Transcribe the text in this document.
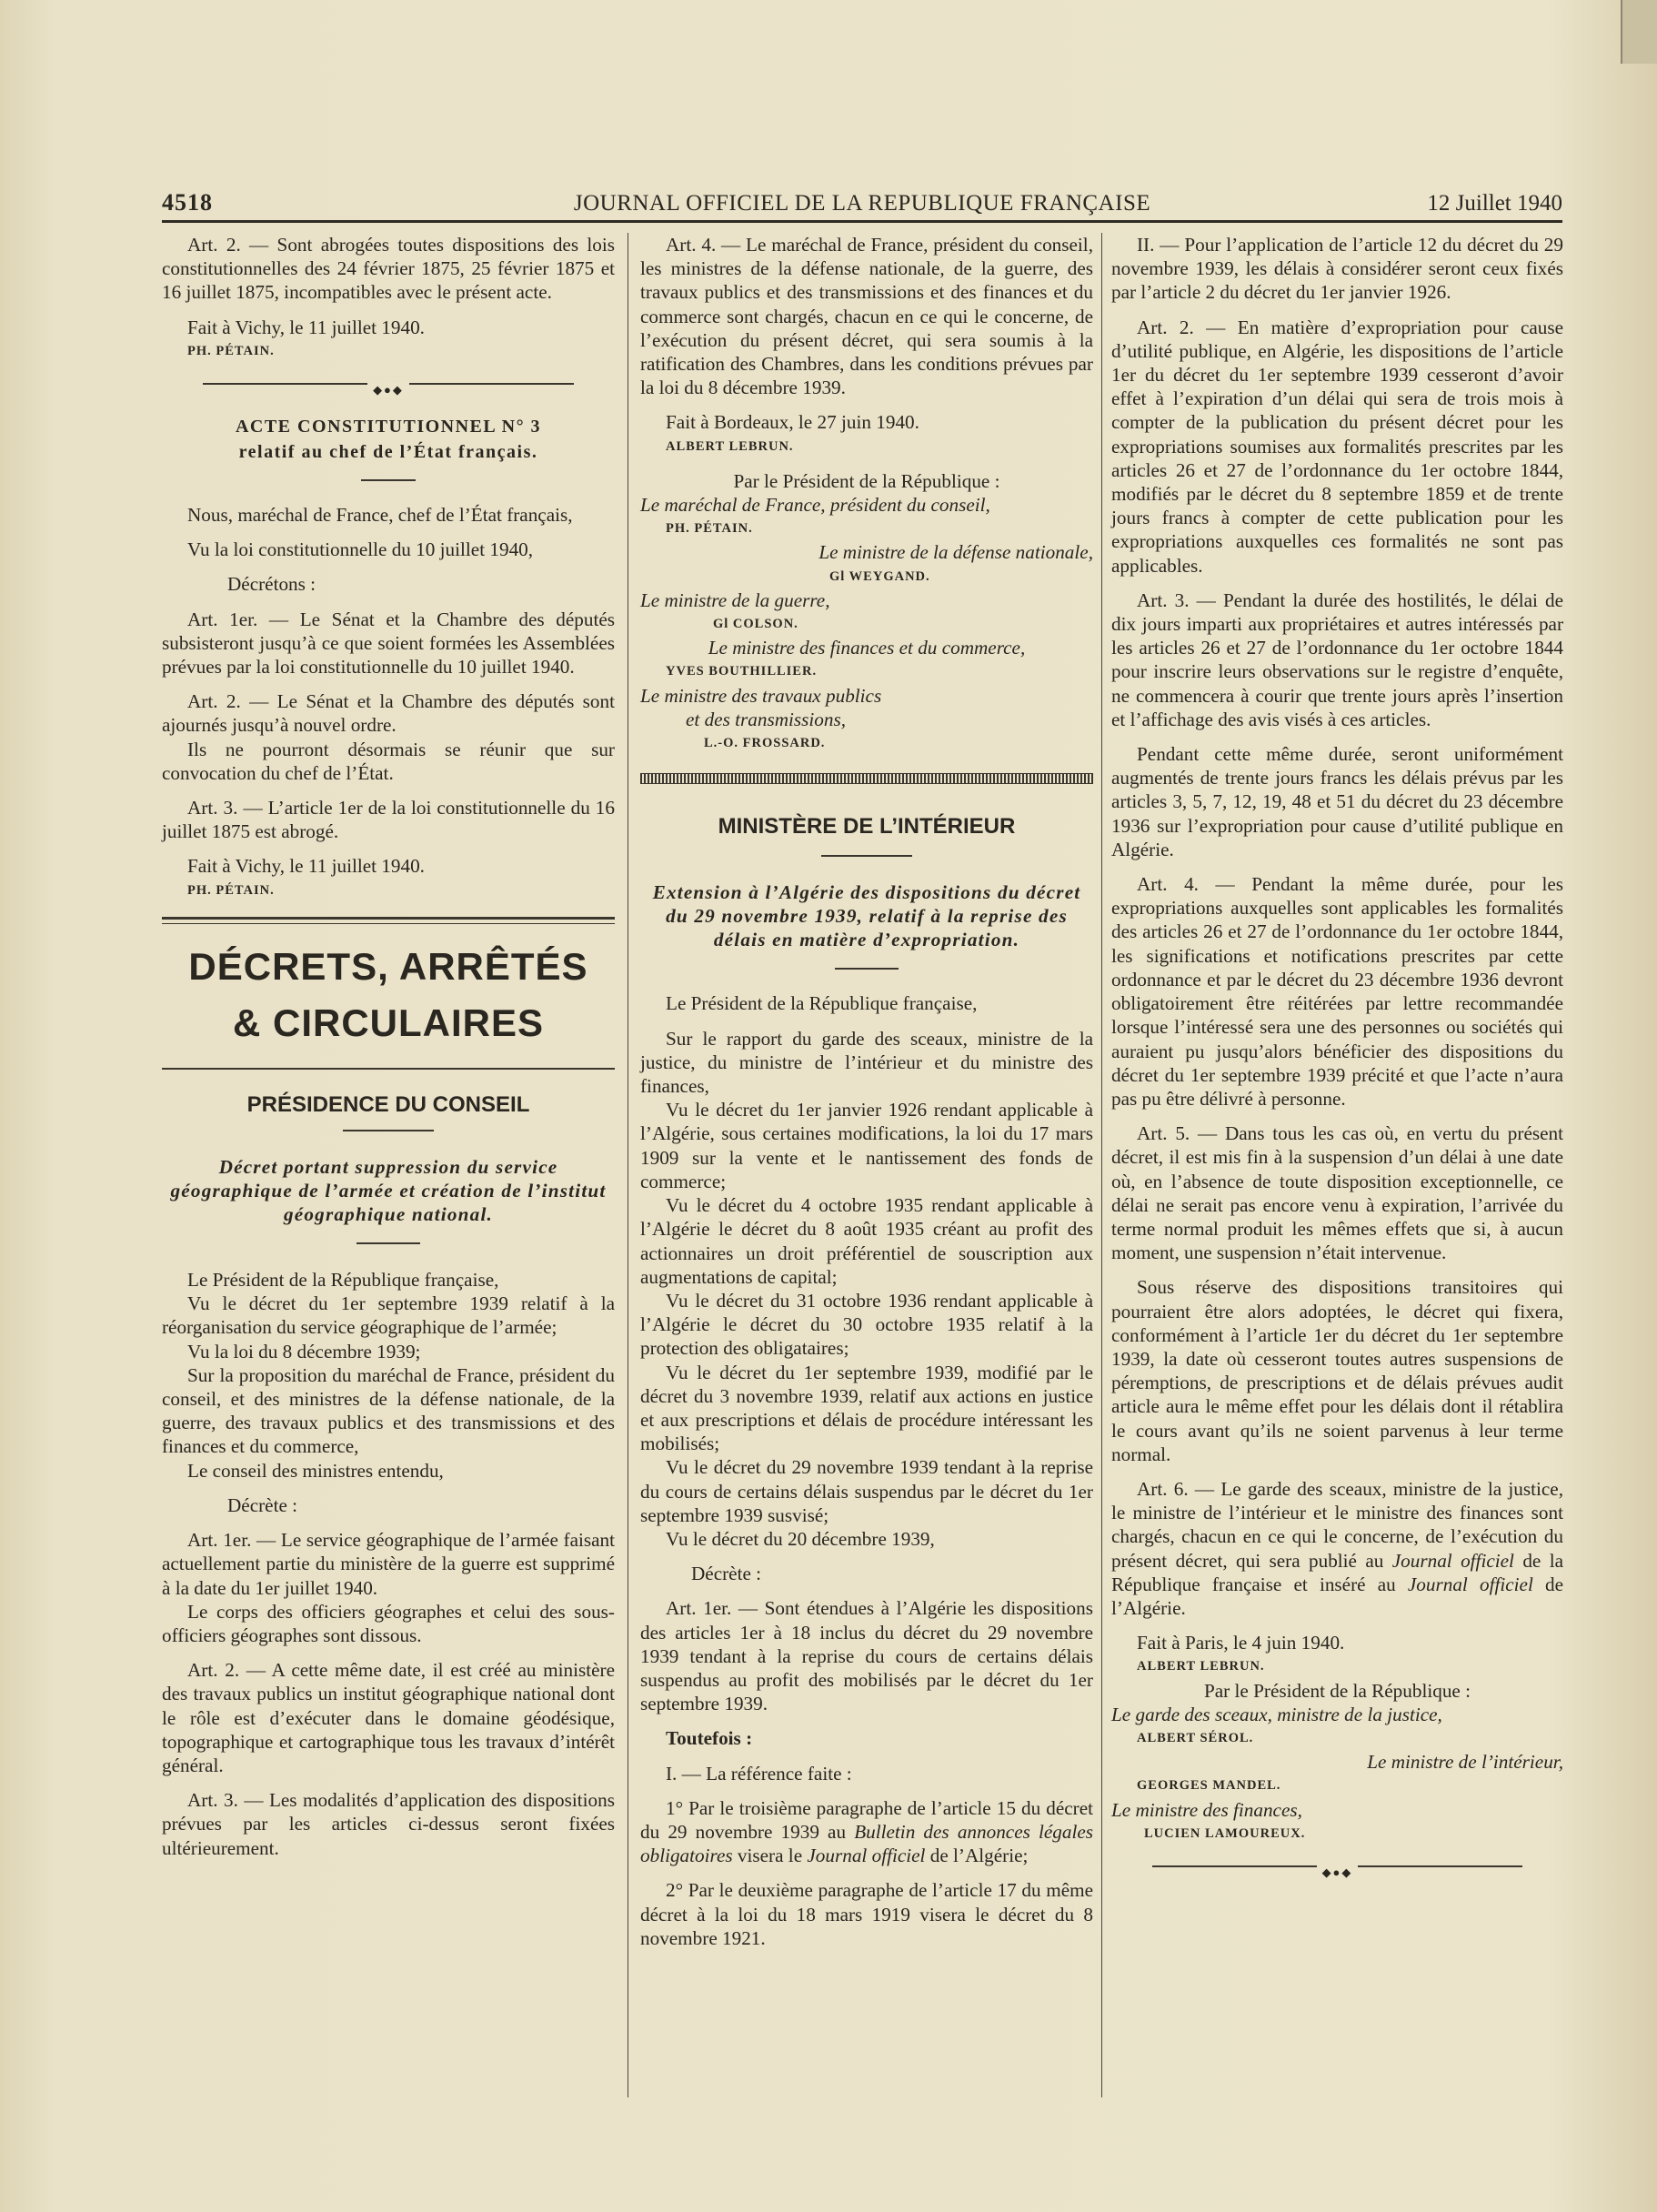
4518	JOURNAL OFFICIEL DE LA REPUBLIQUE FRANÇAISE	12 Juillet 1940

Art. 2. — Sont abrogées toutes dispositions des lois constitutionnelles des 24 février 1875, 25 février 1875 et 16 juillet 1875, incompatibles avec le présent acte.

Fait à Vichy, le 11 juillet 1940.

PH. PÉTAIN.

◆●◆
ACTE CONSTITUTIONNEL N° 3
relatif au chef de l’État français.

Nous, maréchal de France, chef de l’État français,

Vu la loi constitutionnelle du 10 juillet 1940,

Décrétons :

Art. 1er. — Le Sénat et la Chambre des députés subsisteront jusqu’à ce que soient formées les Assemblées prévues par la loi constitutionnelle du 10 juillet 1940.

Art. 2. — Le Sénat et la Chambre des députés sont ajournés jusqu’à nouvel ordre.

Ils ne pourront désormais se réunir que sur convocation du chef de l’État.

Art. 3. — L’article 1er de la loi constitutionnelle du 16 juillet 1875 est abrogé.

Fait à Vichy, le 11 juillet 1940.

PH. PÉTAIN.

DÉCRETS, ARRÊTÉS
& CIRCULAIRES
PRÉSIDENCE DU CONSEIL
Décret portant suppression du service géographique de l’armée et création de l’institut géographique national.

Le Président de la République française,

Vu le décret du 1er septembre 1939 relatif à la réorganisation du service géographique de l’armée;

Vu la loi du 8 décembre 1939;

Sur la proposition du maréchal de France, président du conseil, et des ministres de la défense nationale, de la guerre, des travaux publics et des transmissions et des finances et du commerce,

Le conseil des ministres entendu,

Décrète :

Art. 1er. — Le service géographique de l’armée faisant actuellement partie du ministère de la guerre est supprimé à la date du 1er juillet 1940.

Le corps des officiers géographes et celui des sous-officiers géographes sont dissous.

Art. 2. — A cette même date, il est créé au ministère des travaux publics un institut géographique national dont le rôle est d’exécuter dans le domaine géodésique, topographique et cartographique tous les travaux d’intérêt général.

Art. 3. — Les modalités d’application des dispositions prévues par les articles ci-dessus seront fixées ultérieurement.

Art. 4. — Le maréchal de France, président du conseil, les ministres de la défense nationale, de la guerre, des travaux publics et des transmissions et des finances et du commerce sont chargés, chacun en ce qui le concerne, de l’exécution du présent décret, qui sera soumis à la ratification des Chambres, dans les conditions prévues par la loi du 8 décembre 1939.

Fait à Bordeaux, le 27 juin 1940.

ALBERT LEBRUN.

Par le Président de la République :

Le maréchal de France, président du conseil,

PH. PÉTAIN.

Le ministre de la défense nationale,

Gl WEYGAND.

Le ministre de la guerre,

Gl COLSON.

Le ministre des finances et du commerce,

YVES BOUTHILLIER.

Le ministre des travaux publics

et des transmissions,

L.-O. FROSSARD.

MINISTÈRE DE L’INTÉRIEUR
Extension à l’Algérie des dispositions du décret du 29 novembre 1939, relatif à la reprise des délais en matière d’expropriation.

Le Président de la République française,

Sur le rapport du garde des sceaux, ministre de la justice, du ministre de l’intérieur et du ministre des finances,

Vu le décret du 1er janvier 1926 rendant applicable à l’Algérie, sous certaines modifications, la loi du 17 mars 1909 sur la vente et le nantissement des fonds de commerce;

Vu le décret du 4 octobre 1935 rendant applicable à l’Algérie le décret du 8 août 1935 créant au profit des actionnaires un droit préférentiel de souscription aux augmentations de capital;

Vu le décret du 31 octobre 1936 rendant applicable à l’Algérie le décret du 30 octobre 1935 relatif à la protection des obligataires;

Vu le décret du 1er septembre 1939, modifié par le décret du 3 novembre 1939, relatif aux actions en justice et aux prescriptions et délais de procédure intéressant les mobilisés;

Vu le décret du 29 novembre 1939 tendant à la reprise du cours de certains délais suspendus par le décret du 1er septembre 1939 susvisé;

Vu le décret du 20 décembre 1939,

Décrète :

Art. 1er. — Sont étendues à l’Algérie les dispositions des articles 1er à 18 inclus du décret du 29 novembre 1939 tendant à la reprise du cours de certains délais suspendus au profit des mobilisés par le décret du 1er septembre 1939.

Toutefois :

I. — La référence faite :

1° Par le troisième paragraphe de l’article 15 du décret du 29 novembre 1939 au Bulletin des annonces légales obligatoires visera le Journal officiel de l’Algérie;

2° Par le deuxième paragraphe de l’article 17 du même décret à la loi du 18 mars 1919 visera le décret du 8 novembre 1921.

II. — Pour l’application de l’article 12 du décret du 29 novembre 1939, les délais à considérer seront ceux fixés par l’article 2 du décret du 1er janvier 1926.

Art. 2. — En matière d’expropriation pour cause d’utilité publique, en Algérie, les dispositions de l’article 1er du décret du 1er septembre 1939 cesseront d’avoir effet à l’expiration d’un délai qui sera de trois mois à compter de la publication du présent décret pour les expropriations soumises aux formalités prescrites par les articles 26 et 27 de l’ordonnance du 1er octobre 1844, modifiés par le décret du 8 septembre 1859 et de trente jours francs à compter de cette publication pour les expropriations auxquelles ces formalités ne sont pas applicables.

Art. 3. — Pendant la durée des hostilités, le délai de dix jours imparti aux propriétaires et autres intéressés par les articles 26 et 27 de l’ordonnance du 1er octobre 1844 pour inscrire leurs observations sur le registre d’enquête, ne commencera à courir que trente jours après l’insertion et l’affichage des avis visés à ces articles.

Pendant cette même durée, seront uniformément augmentés de trente jours francs les délais prévus par les articles 3, 5, 7, 12, 19, 48 et 51 du décret du 23 décembre 1936 sur l’expropriation pour cause d’utilité publique en Algérie.

Art. 4. — Pendant la même durée, pour les expropriations auxquelles sont applicables les formalités des articles 26 et 27 de l’ordonnance du 1er octobre 1844, les significations et notifications prescrites par cette ordonnance et par le décret du 23 décembre 1936 devront obligatoirement être réitérées par lettre recommandée lorsque l’intéressé sera une des personnes ou sociétés qui auraient pu jusqu’alors bénéficier des dispositions du décret du 1er septembre 1939 précité et que l’acte n’aura pas pu être délivré à personne.

Art. 5. — Dans tous les cas où, en vertu du présent décret, il est mis fin à la suspension d’un délai à une date où, en l’absence de toute disposition exceptionnelle, ce délai ne serait pas encore venu à expiration, l’arrivée du terme normal produit les mêmes effets que si, à aucun moment, une suspension n’était intervenue.

Sous réserve des dispositions transitoires qui pourraient être alors adoptées, le décret qui fixera, conformément à l’article 1er du décret du 1er septembre 1939, la date où cesseront toutes autres suspensions de péremptions, de prescriptions et de délais prévues audit article aura le même effet pour les délais dont il rétablira le cours avant qu’ils ne soient parvenus à leur terme normal.

Art. 6. — Le garde des sceaux, ministre de la justice, le ministre de l’intérieur et le ministre des finances sont chargés, chacun en ce qui le concerne, de l’exécution du présent décret, qui sera publié au Journal officiel de la République française et inséré au Journal officiel de l’Algérie.

Fait à Paris, le 4 juin 1940.

ALBERT LEBRUN.

Par le Président de la République :

Le garde des sceaux, ministre de la justice,

ALBERT SÉROL.

Le ministre de l’intérieur,

GEORGES MANDEL.

Le ministre des finances,

LUCIEN LAMOUREUX.

◆●◆
